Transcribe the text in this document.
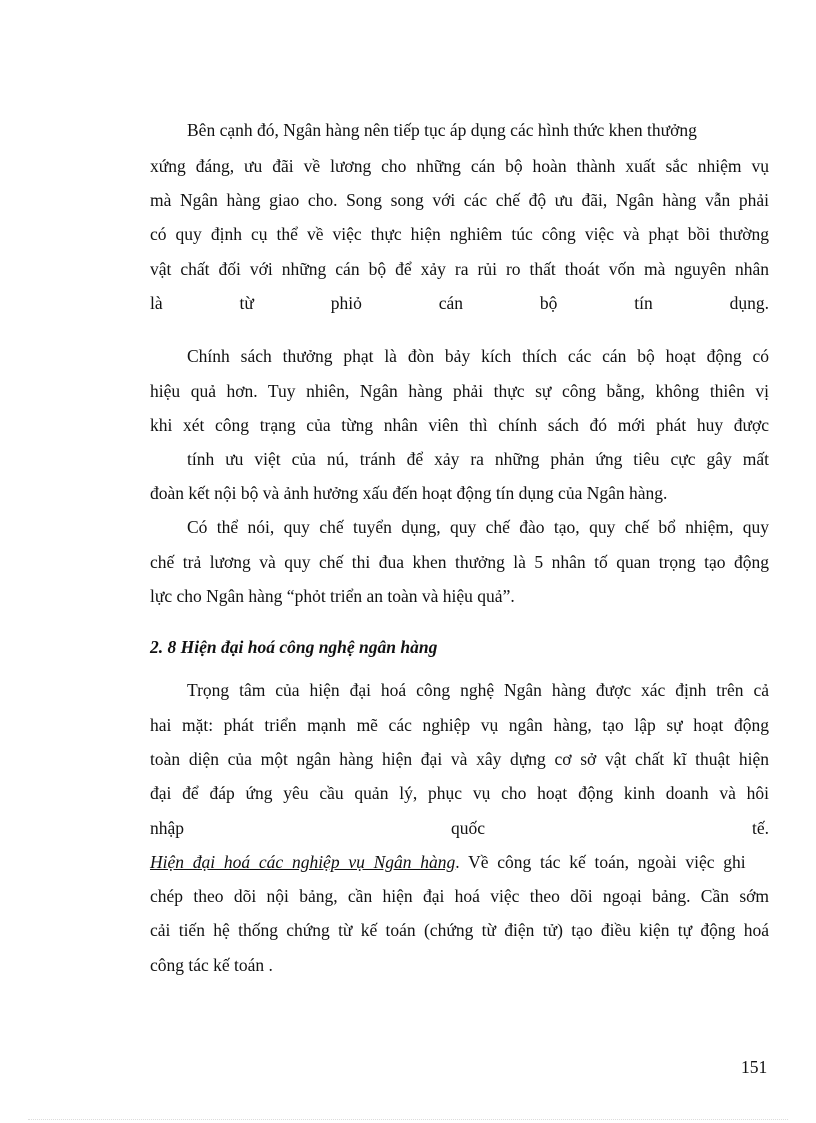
Bên cạnh đó, Ngân hàng nên tiếp tục áp dụng các hình thức khen thưởng
xứng đáng, ưu đãi về lương cho những cán bộ hoàn thành xuất sắc nhiệm vụ
mà Ngân hàng giao cho. Song song với các chế độ ưu đãi, Ngân hàng vẫn phải
có quy định cụ thể về việc thực hiện nghiêm túc công việc và phạt bồi thường
vật chất đối với những cán bộ để xảy ra rủi ro thất thoát vốn mà nguyên nhân
là	từ	phiỏ	cán	bộ	tín	dụng.
Chính sách thưởng phạt là đòn bảy kích thích các cán bộ hoạt động có
hiệu quả hơn. Tuy nhiên, Ngân hàng phải thực sự công bằng, không thiên vị
khi xét công trạng của từng nhân viên thì chính sách đó mới phát huy được
tính ưu việt của nú, tránh để xảy ra những phản ứng tiêu cực gây mất
đoàn kết nội bộ và ảnh hưởng xấu đến hoạt động tín dụng của Ngân hàng.
Có thể nói, quy chế tuyển dụng, quy chế đào tạo, quy chế bổ nhiệm, quy
chế trả lương và quy chế thi đua khen thưởng là 5 nhân tố quan trọng tạo động
lực cho Ngân hàng “phỏt triển an toàn và hiệu quả”.
2. 8 Hiện đại hoá công nghệ ngân hàng
Trọng tâm của hiện đại hoá công nghệ Ngân hàng được xác định trên cả
hai mặt: phát triển mạnh mẽ các nghiệp vụ ngân hàng, tạo lập sự hoạt động
toàn diện của một ngân hàng hiện đại và xây dựng cơ sở vật chất kĩ thuật hiện
đại để đáp ứng yêu cầu quản lý, phục vụ cho hoạt động kinh doanh và hôi
nhập	quốc	tế.
Hiện đại hoá các nghiệp vụ Ngân hàng. Về công tác kế toán, ngoài việc ghi
chép theo dõi nội bảng, cần hiện đại hoá việc theo dõi ngoại bảng. Cần sớm
cải tiến hệ thống chứng từ kế toán (chứng từ điện tử) tạo điều kiện tự động hoá
công tác kế toán .
151
